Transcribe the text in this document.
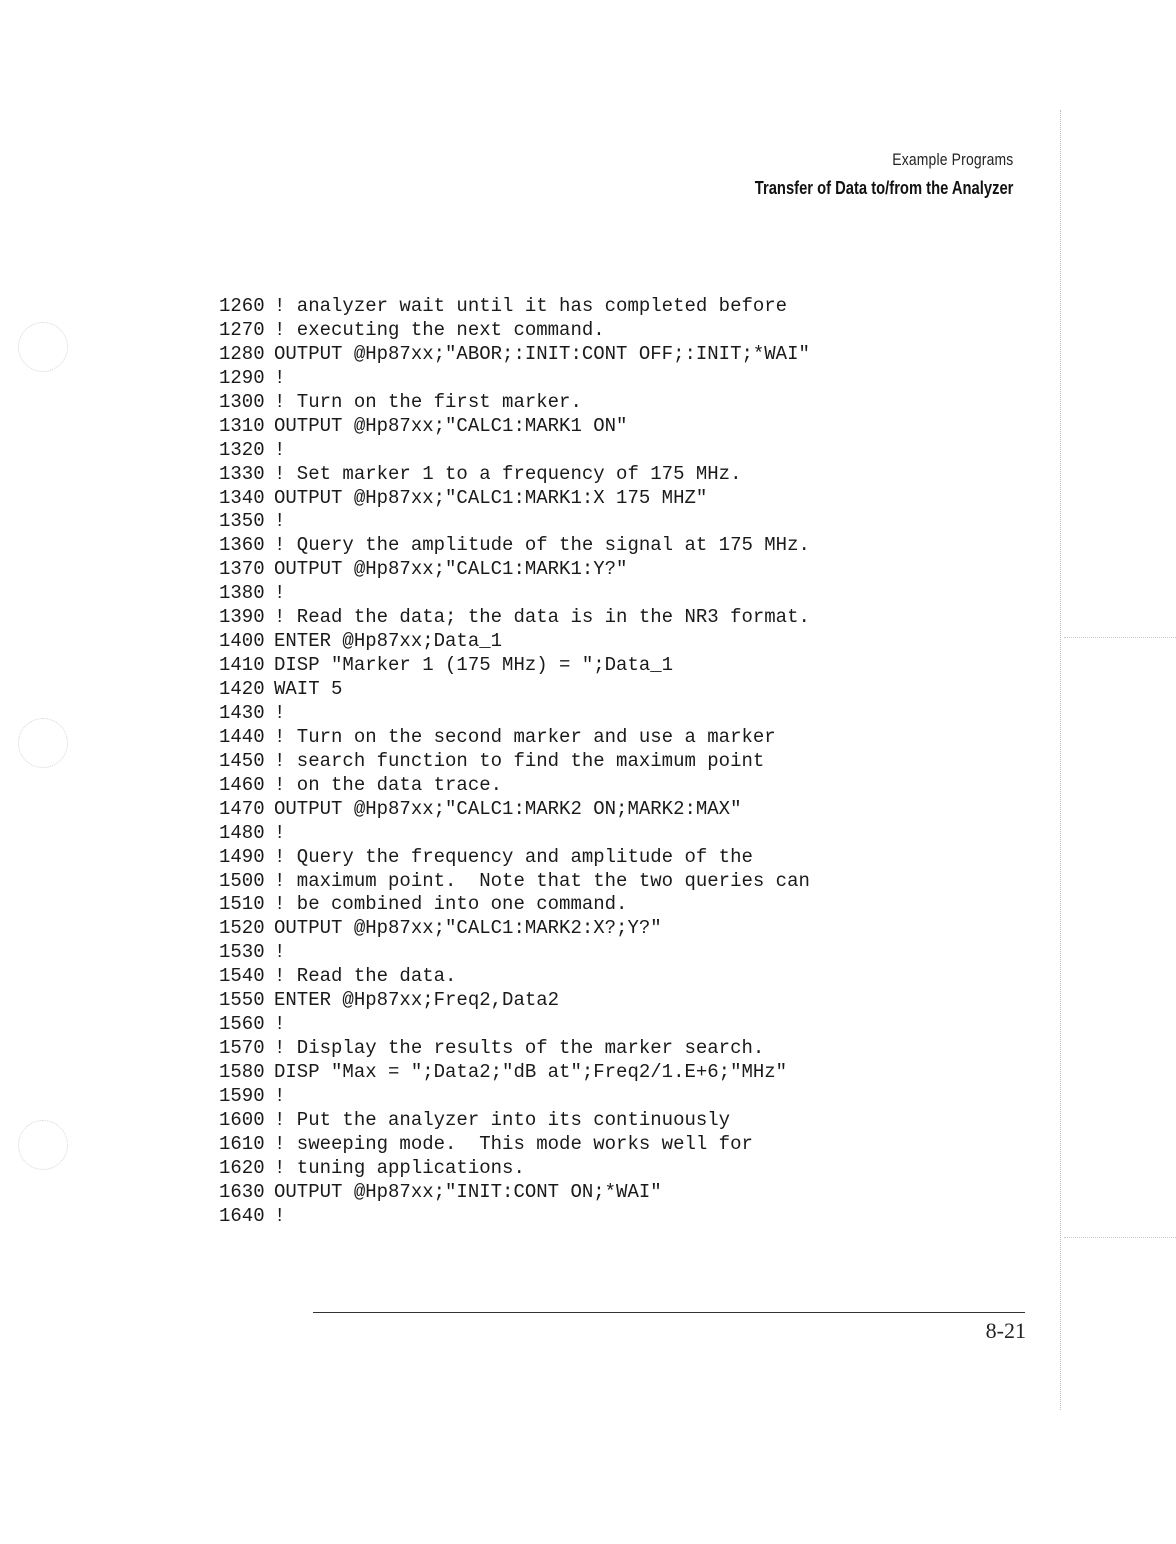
Example Programs
Transfer of Data to/from the Analyzer
1260 ! analyzer wait until it has completed before
1270 ! executing the next command.
1280 OUTPUT @Hp87xx;"ABOR;:INIT:CONT OFF;:INIT;*WAI"
1290 !
1300 ! Turn on the first marker.
1310 OUTPUT @Hp87xx;"CALC1:MARK1 ON"
1320 !
1330 ! Set marker 1 to a frequency of 175 MHz.
1340 OUTPUT @Hp87xx;"CALC1:MARK1:X 175 MHZ"
1350 !
1360 ! Query the amplitude of the signal at 175 MHz.
1370 OUTPUT @Hp87xx;"CALC1:MARK1:Y?"
1380 !
1390 ! Read the data; the data is in the NR3 format.
1400 ENTER @Hp87xx;Data_1
1410 DISP "Marker 1 (175 MHz) = ";Data_1
1420 WAIT 5
1430 !
1440 ! Turn on the second marker and use a marker
1450 ! search function to find the maximum point
1460 ! on the data trace.
1470 OUTPUT @Hp87xx;"CALC1:MARK2 ON;MARK2:MAX"
1480 !
1490 ! Query the frequency and amplitude of the
1500 ! maximum point.  Note that the two queries can
1510 ! be combined into one command.
1520 OUTPUT @Hp87xx;"CALC1:MARK2:X?;Y?"
1530 !
1540 ! Read the data.
1550 ENTER @Hp87xx;Freq2,Data2
1560 !
1570 ! Display the results of the marker search.
1580 DISP "Max = ";Data2;"dB at";Freq2/1.E+6;"MHz"
1590 !
1600 ! Put the analyzer into its continuously
1610 ! sweeping mode.  This mode works well for
1620 ! tuning applications.
1630 OUTPUT @Hp87xx;"INIT:CONT ON;*WAI"
1640 !
8-21
